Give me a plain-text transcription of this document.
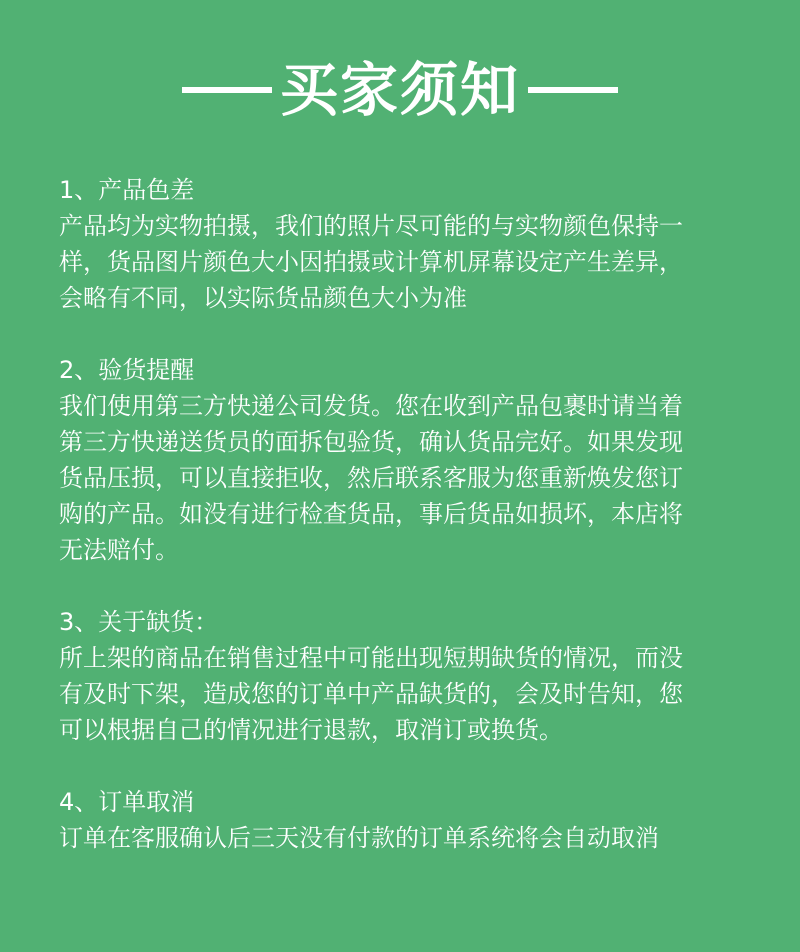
买家须知
1、产品色差
产品均为实物拍摄，我们的照片尽可能的与实物颜色保持一
样，货品图片颜色大小因拍摄或计算机屏幕设定产生差异，
会略有不同，以实际货品颜色大小为准
2、验货提醒
我们使用第三方快递公司发货。您在收到产品包裹时请当着
第三方快递送货员的面拆包验货，确认货品完好。如果发现
货品压损，可以直接拒收，然后联系客服为您重新焕发您订
购的产品。如没有进行检查货品，事后货品如损坏，本店将
无法赔付。
3、关于缺货：
所上架的商品在销售过程中可能出现短期缺货的情况，而没
有及时下架，造成您的订单中产品缺货的，会及时告知，您
可以根据自己的情况进行退款，取消订或换货。
4、订单取消
订单在客服确认后三天没有付款的订单系统将会自动取消
